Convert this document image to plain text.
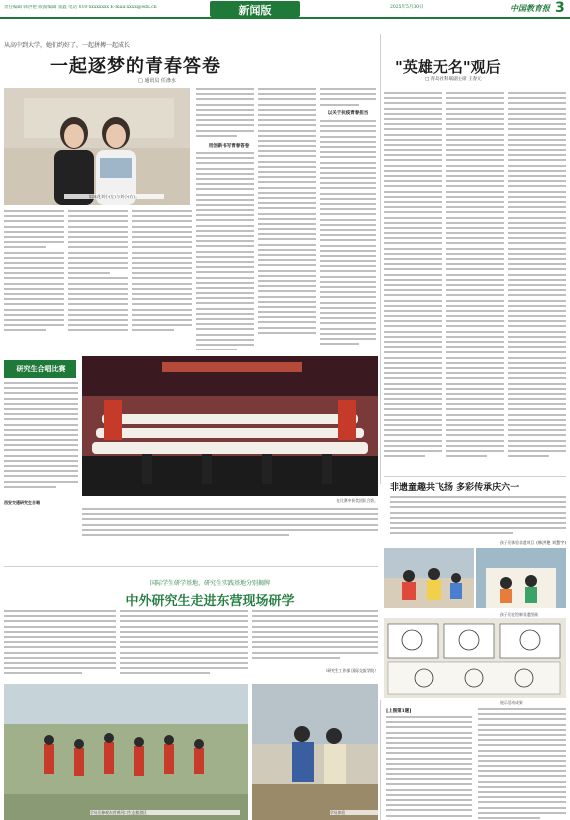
责任编辑 韩洪艳 版面编辑 窦鑫 电话 010-xxxxxxxx E-mail:xxxx@edu.cn	新闻版	2025年5月30日	中国教育报 3
从高中到大学，她们约好了，一起拼搏一起成长
一起逐梦的青春答卷
□ 通讯员 任涤水
姐妹花刘小(左)与刘小(右)。
用创新书写青春答卷
以关于抗疫青春担当
"英雄无名"观后
□ 青岛社科联副主席 王春元
非遗童趣共飞扬 多彩传承庆六一
(韩洪艳 刘慧宇)
孩子们体验非遗项目
孩子们在绘制非遗图画
展示活动成果
研究生合唱比赛
西安交通研究生合唱	在比赛中获奖团队合影。
国际学生研学基地、研究生实践基地分别揭牌
中外研究生走进东营现场研学
（研究生工作部 国际交流学院）
学员们参观东营黄河口生态旅游区	学员体验
[上图第1题]
